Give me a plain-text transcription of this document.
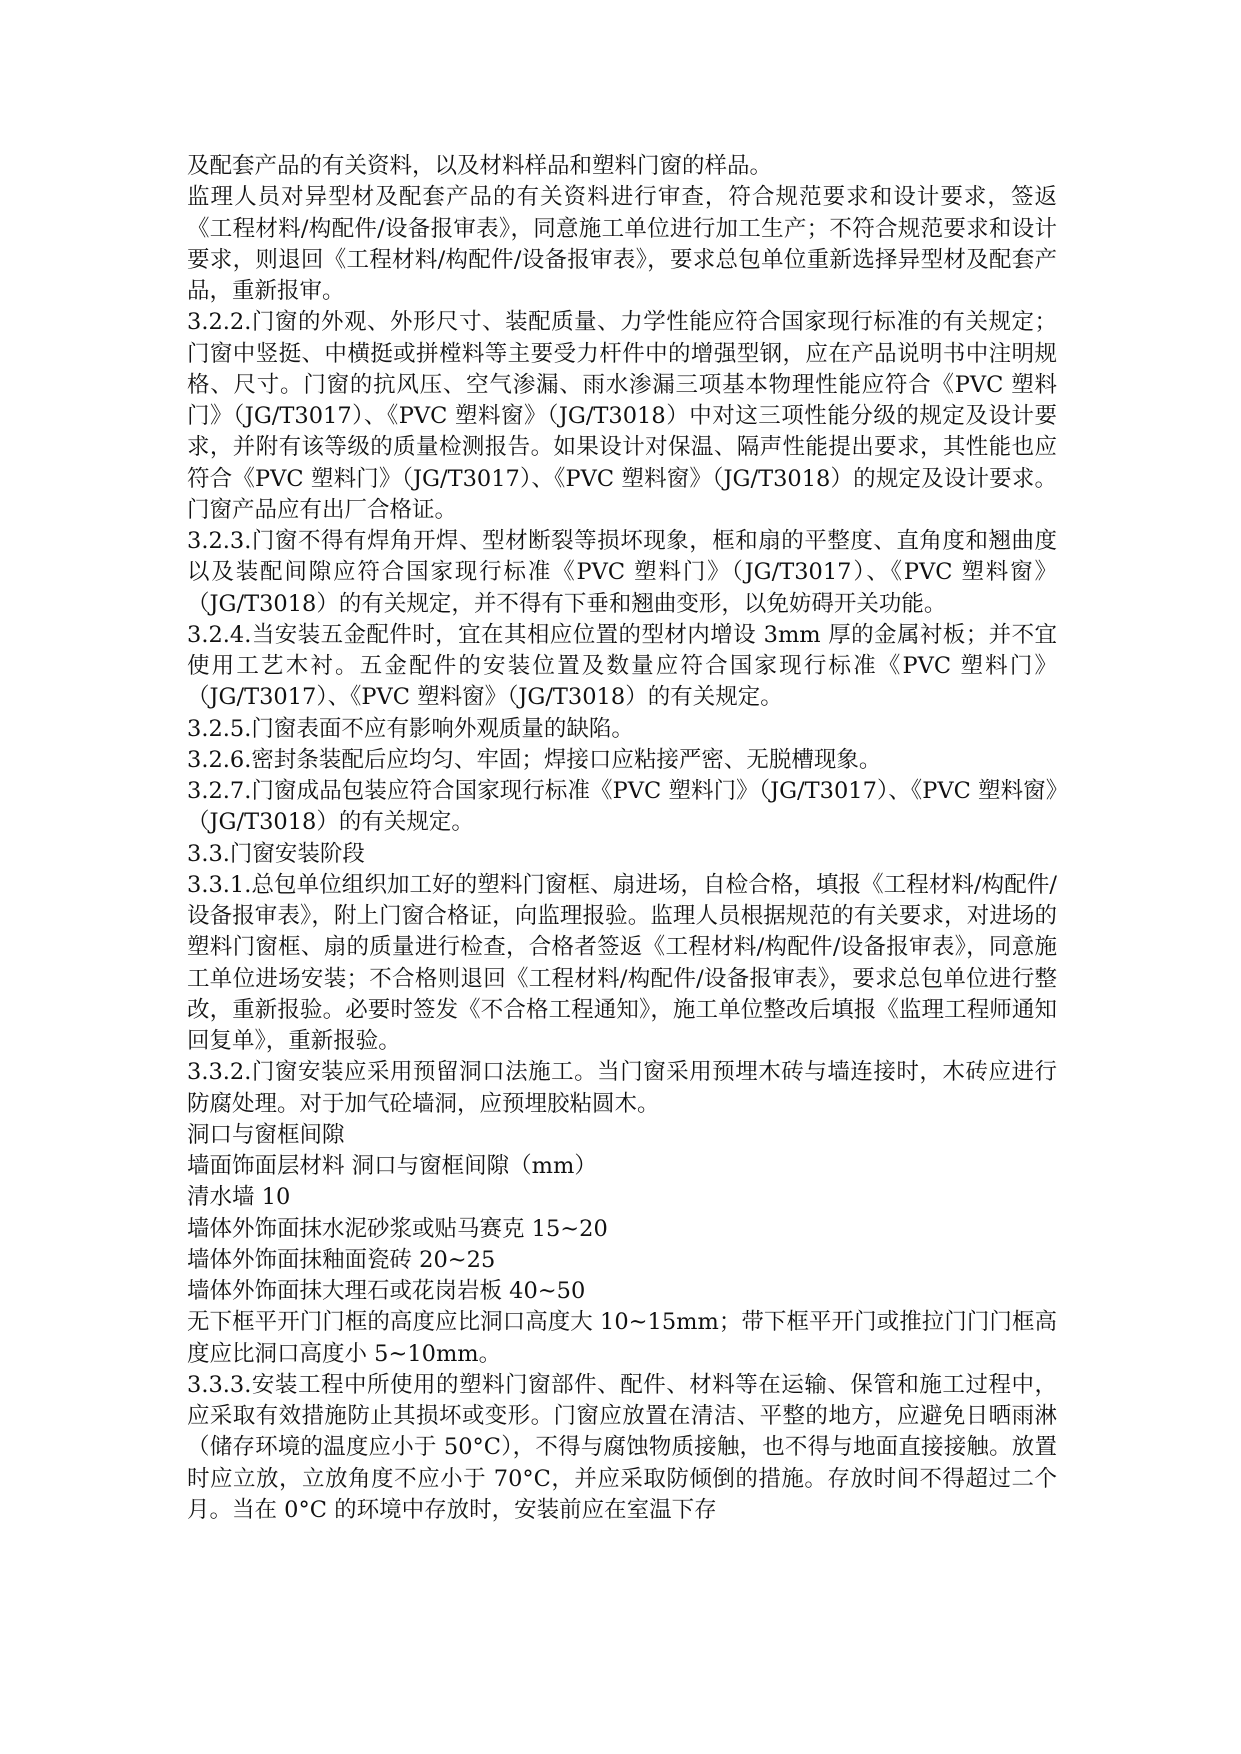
及配套产品的有关资料，以及材料样品和塑料门窗的样品。

监理人员对异型材及配套产品的有关资料进行审查，符合规范要求和设计要求，签返《工程材料/构配件/设备报审表》，同意施工单位进行加工生产；不符合规范要求和设计要求，则退回《工程材料/构配件/设备报审表》，要求总包单位重新选择异型材及配套产品，重新报审。

3.2.2.门窗的外观、外形尺寸、装配质量、力学性能应符合国家现行标准的有关规定；门窗中竖挺、中横挺或拼樘料等主要受力杆件中的增强型钢，应在产品说明书中注明规格、尺寸。门窗的抗风压、空气渗漏、雨水渗漏三项基本物理性能应符合《PVC 塑料门》（JG/T3017）、《PVC 塑料窗》（JG/T3018）中对这三项性能分级的规定及设计要求，并附有该等级的质量检测报告。如果设计对保温、隔声性能提出要求，其性能也应符合《PVC 塑料门》（JG/T3017）、《PVC 塑料窗》（JG/T3018）的规定及设计要求。门窗产品应有出厂合格证。

3.2.3.门窗不得有焊角开焊、型材断裂等损坏现象，框和扇的平整度、直角度和翘曲度以及装配间隙应符合国家现行标准《PVC 塑料门》（JG/T3017）、《PVC 塑料窗》（JG/T3018）的有关规定，并不得有下垂和翘曲变形，以免妨碍开关功能。

3.2.4.当安装五金配件时，宜在其相应位置的型材内增设 3mm 厚的金属衬板；并不宜使用工艺木衬。五金配件的安装位置及数量应符合国家现行标准《PVC 塑料门》（JG/T3017）、《PVC 塑料窗》（JG/T3018）的有关规定。

3.2.5.门窗表面不应有影响外观质量的缺陷。

3.2.6.密封条装配后应均匀、牢固；焊接口应粘接严密、无脱槽现象。

3.2.7.门窗成品包装应符合国家现行标准《PVC 塑料门》（JG/T3017）、《PVC 塑料窗》（JG/T3018）的有关规定。

3.3.门窗安装阶段

3.3.1.总包单位组织加工好的塑料门窗框、扇进场，自检合格，填报《工程材料/构配件/设备报审表》，附上门窗合格证，向监理报验。监理人员根据规范的有关要求，对进场的塑料门窗框、扇的质量进行检查，合格者签返《工程材料/构配件/设备报审表》，同意施工单位进场安装；不合格则退回《工程材料/构配件/设备报审表》，要求总包单位进行整改，重新报验。必要时签发《不合格工程通知》，施工单位整改后填报《监理工程师通知回复单》，重新报验。

3.3.2.门窗安装应采用预留洞口法施工。当门窗采用预埋木砖与墙连接时，木砖应进行防腐处理。对于加气砼墙洞，应预埋胶粘圆木。

洞口与窗框间隙

墙面饰面层材料 洞口与窗框间隙（mm）

清水墙 10

墙体外饰面抹水泥砂浆或贴马赛克 15~20

墙体外饰面抹釉面瓷砖 20~25

墙体外饰面抹大理石或花岗岩板 40~50

无下框平开门门框的高度应比洞口高度大 10~15mm；带下框平开门或推拉门门门框高度应比洞口高度小 5~10mm。

3.3.3.安装工程中所使用的塑料门窗部件、配件、材料等在运输、保管和施工过程中，应采取有效措施防止其损坏或变形。门窗应放置在清洁、平整的地方，应避免日晒雨淋（储存环境的温度应小于 50°C），不得与腐蚀物质接触，也不得与地面直接接触。放置时应立放，立放角度不应小于 70°C，并应采取防倾倒的措施。存放时间不得超过二个月。当在 0°C 的环境中存放时，安装前应在室温下存
